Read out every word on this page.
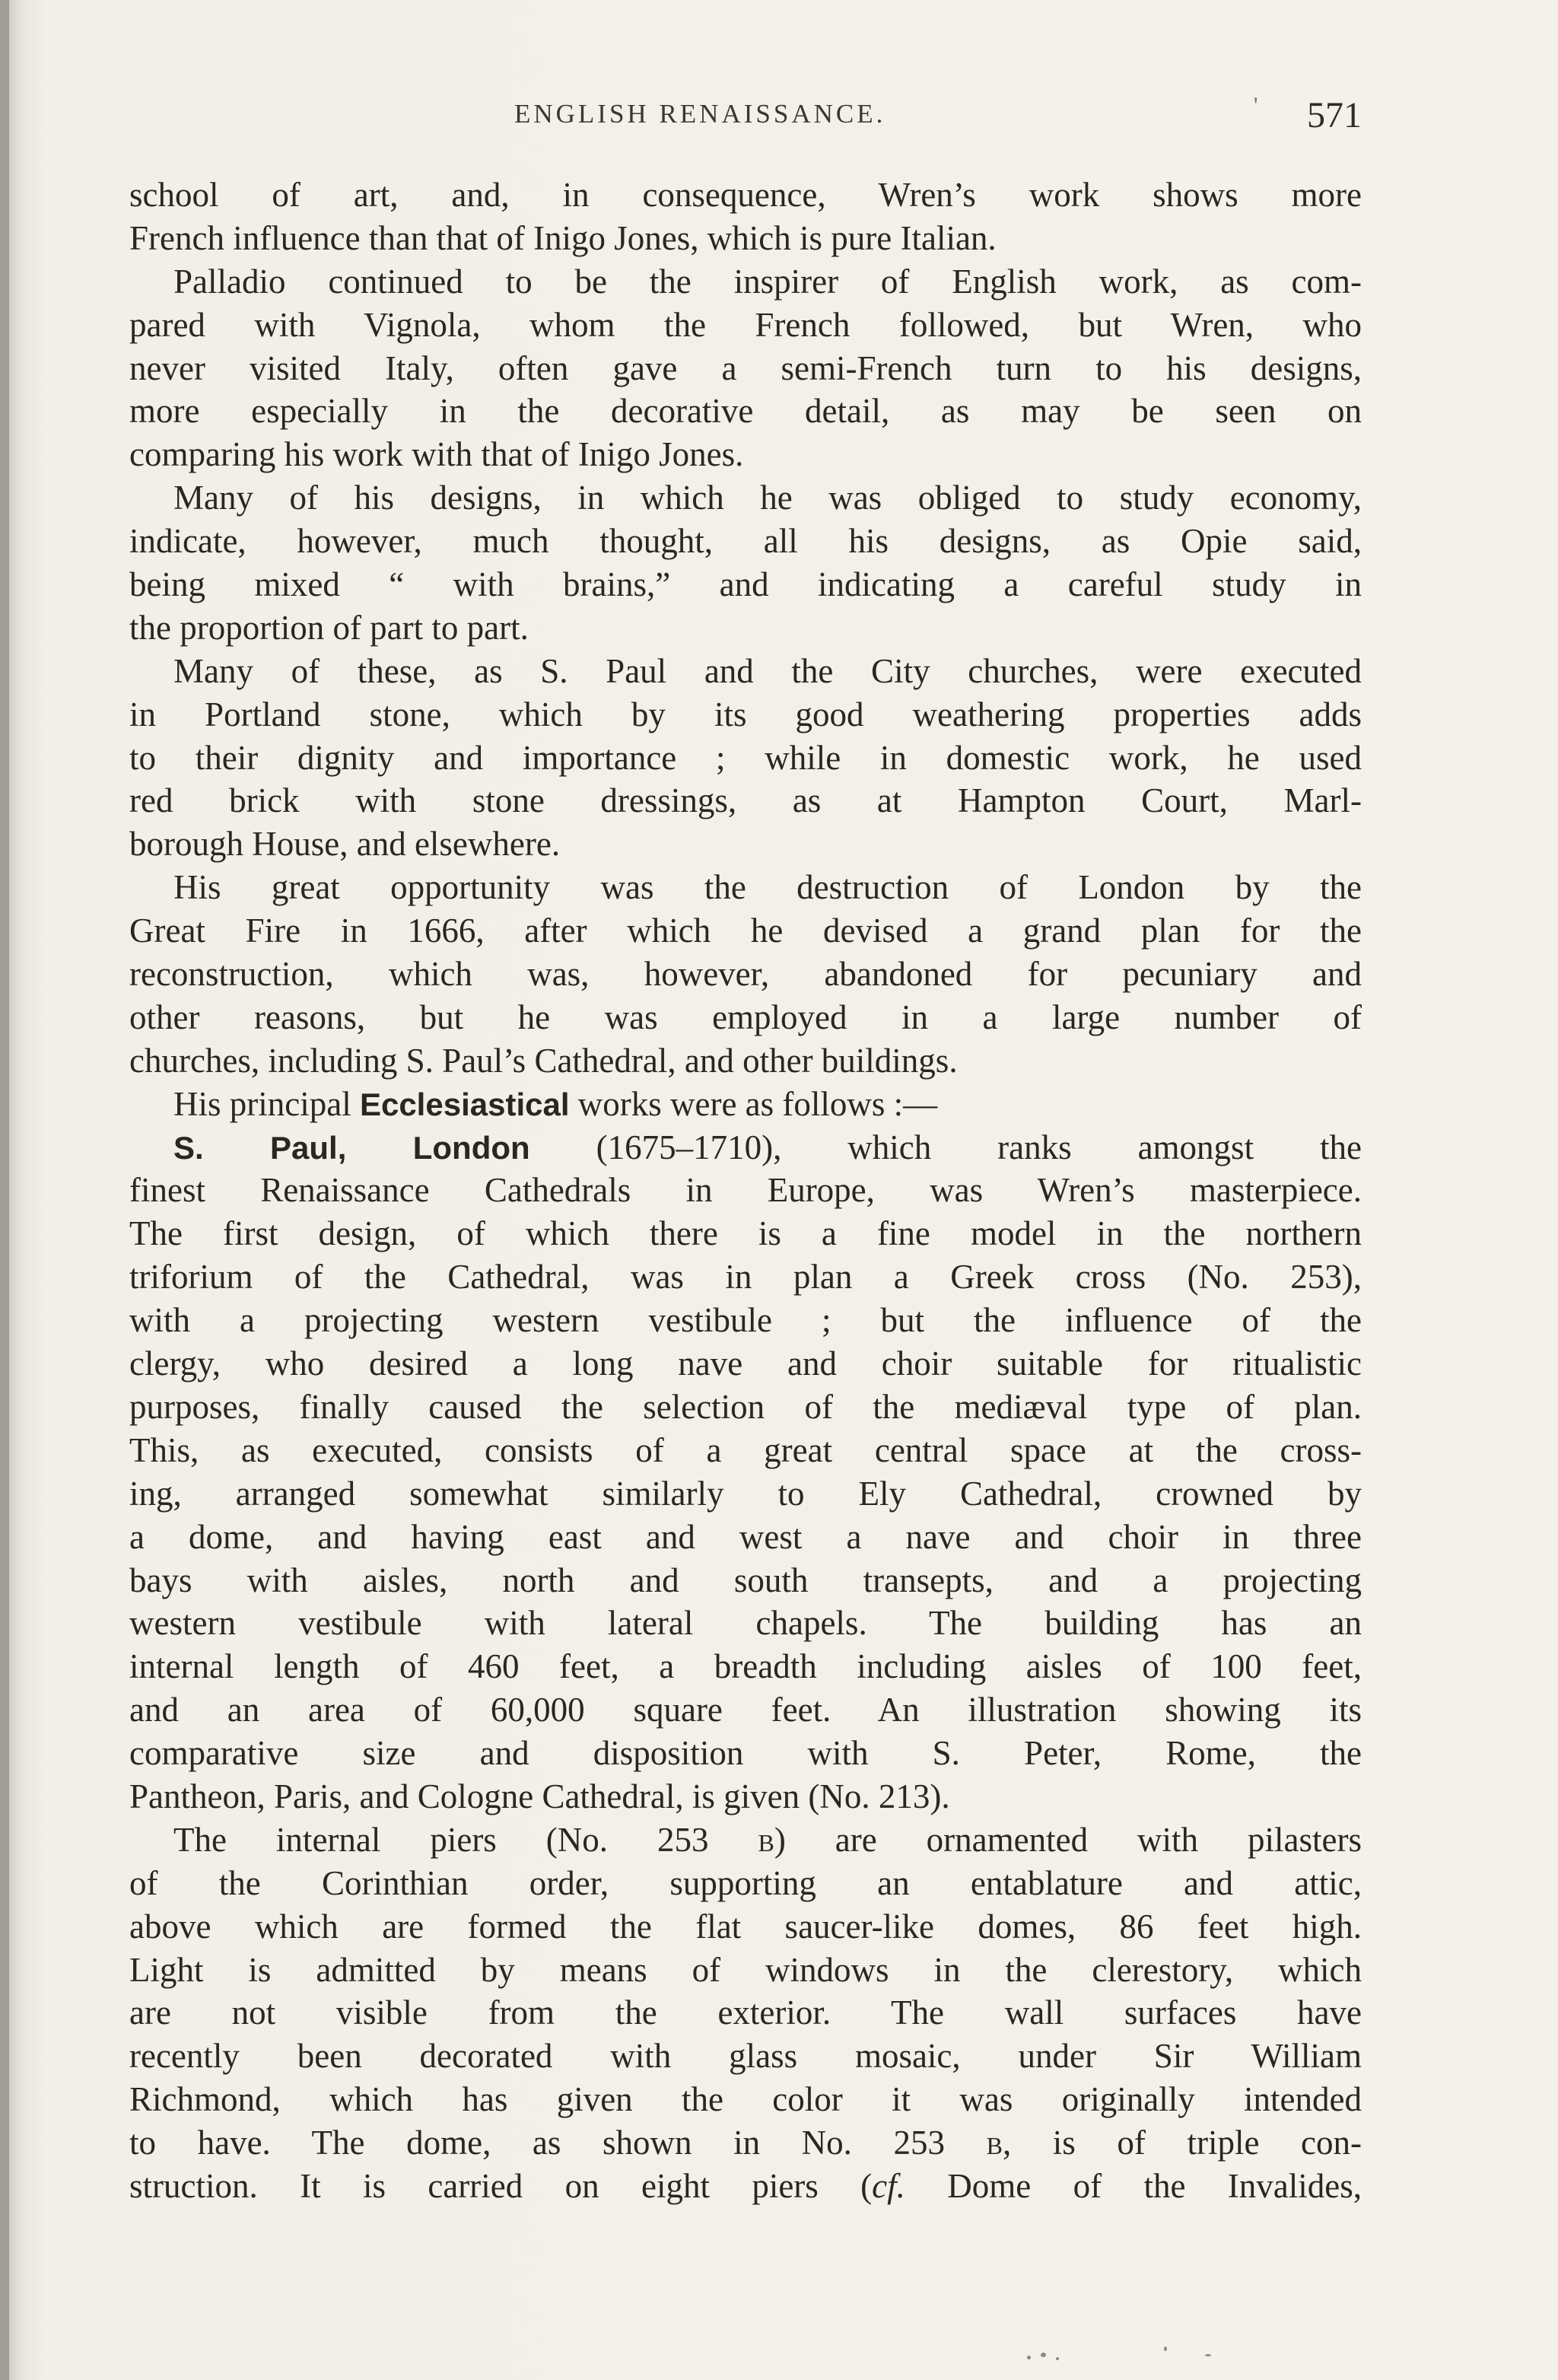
ENGLISH RENAISSANCE.	' 571
school of art, and, in consequence, Wren’s work shows more
French influence than that of Inigo Jones, which is pure Italian.
Palladio continued to be the inspirer of English work, as com-
pared with Vignola, whom the French followed, but Wren, who
never visited Italy, often gave a semi-French turn to his designs,
more especially in the decorative detail, as may be seen on
comparing his work with that of Inigo Jones.
Many of his designs, in which he was obliged to study economy,
indicate, however, much thought, all his designs, as Opie said,
being mixed “ with brains,” and indicating a careful study in
the proportion of part to part.
Many of these, as S. Paul and the City churches, were executed
in Portland stone, which by its good weathering properties adds
to their dignity and importance ; while in domestic work, he used
red brick with stone dressings, as at Hampton Court, Marl-
borough House, and elsewhere.
His great opportunity was the destruction of London by the
Great Fire in 1666, after which he devised a grand plan for the
reconstruction, which was, however, abandoned for pecuniary and
other reasons, but he was employed in a large number of
churches, including S. Paul’s Cathedral, and other buildings.
His principal Ecclesiastical works were as follows :—
S. Paul, London (1675–1710), which ranks amongst the
finest Renaissance Cathedrals in Europe, was Wren’s masterpiece.
The first design, of which there is a fine model in the northern
triforium of the Cathedral, was in plan a Greek cross (No. 253),
with a projecting western vestibule ; but the influence of the
clergy, who desired a long nave and choir suitable for ritualistic
purposes, finally caused the selection of the mediæval type of plan.
This, as executed, consists of a great central space at the cross-
ing, arranged somewhat similarly to Ely Cathedral, crowned by
a dome, and having east and west a nave and choir in three
bays with aisles, north and south transepts, and a projecting
western vestibule with lateral chapels. The building has an
internal length of 460 feet, a breadth including aisles of 100 feet,
and an area of 60,000 square feet. An illustration showing its
comparative size and disposition with S. Peter, Rome, the
Pantheon, Paris, and Cologne Cathedral, is given (No. 213).
The internal piers (No. 253 B) are ornamented with pilasters
of the Corinthian order, supporting an entablature and attic,
above which are formed the flat saucer-like domes, 86 feet high.
Light is admitted by means of windows in the clerestory, which
are not visible from the exterior. The wall surfaces have
recently been decorated with glass mosaic, under Sir William
Richmond, which has given the color it was originally intended
to have. The dome, as shown in No. 253 B, is of triple con-
struction. It is carried on eight piers (cf. Dome of the Invalides,
